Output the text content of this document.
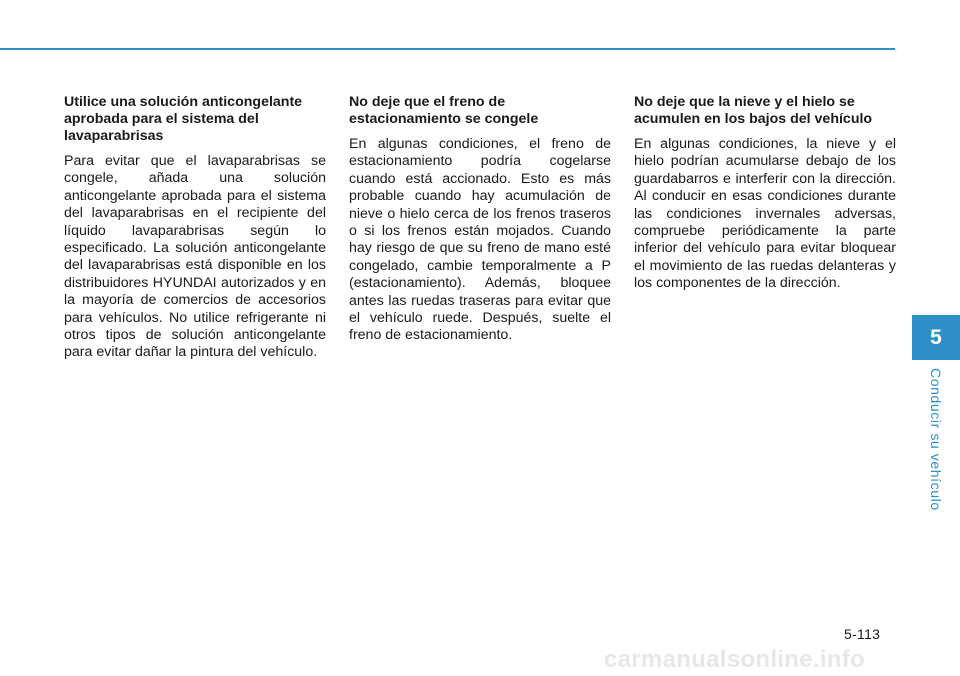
Utilice una solución anticongelante aprobada para el sistema del lavaparabrisas

Para evitar que el lavaparabrisas se congele, añada una solución anticongelante aprobada para el sistema del lavaparabrisas en el recipiente del líquido lavaparabrisas según lo especificado. La solución anticongelante del lavaparabrisas está disponible en los distribuidores HYUNDAI autorizados y en la mayoría de comercios de accesorios para vehículos. No utilice refrigerante ni otros tipos de solución anticongelante para evitar dañar la pintura del vehículo.

No deje que el freno de estacionamiento se congele

En algunas condiciones, el freno de estacionamiento podría cogelarse cuando está accionado. Esto es más probable cuando hay acumulación de nieve o hielo cerca de los frenos traseros o si los frenos están mojados. Cuando hay riesgo de que su freno de mano esté congelado, cambie temporalmente a P (estacionamiento). Además, bloquee antes las ruedas traseras para evitar que el vehículo ruede. Después, suelte el freno de estacionamiento.

No deje que la nieve y el hielo se acumulen en los bajos del vehículo

En algunas condiciones, la nieve y el hielo podrían acumularse debajo de los guardabarros e interferir con la dirección. Al conducir en esas condiciones durante las condiciones invernales adversas, compruebe periódicamente la parte inferior del vehículo para evitar bloquear el movimiento de las ruedas delanteras y los componentes de la dirección.

5
Conducir su vehículo
5-113
carmanualsonline.info
